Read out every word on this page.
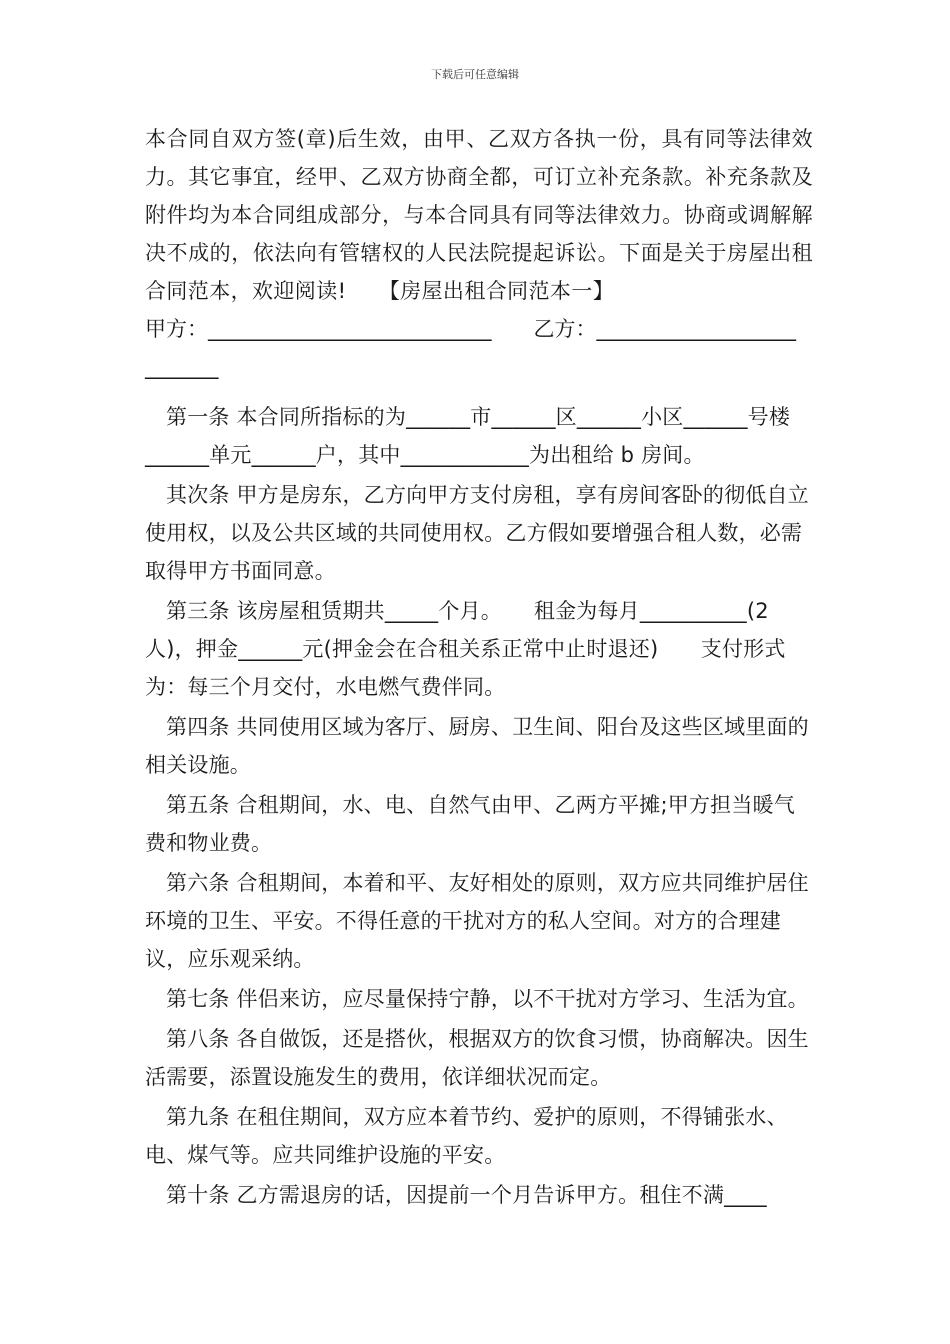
下载后可任意编辑

本合同自双方签(章)后生效，由甲、乙双方各执一份，具有同等法律效力。其它事宜，经甲、乙双方协商全都，可订立补充条款。补充条款及附件均为本合同组成部分，与本合同具有同等法律效力。协商或调解解决不成的，依法向有管辖权的人民法院提起诉讼。下面是关于房屋出租合同范本，欢迎阅读!　　【房屋出租合同范本一】

甲方：___________________________　　乙方：___________________

_______

第一条 本合同所指标的为______市______区______小区______号楼______单元______户，其中____________为出租给 b 房间。

其次条 甲方是房东，乙方向甲方支付房租，享有房间客卧的彻低自立使用权，以及公共区域的共同使用权。乙方假如要增强合租人数，必需取得甲方书面同意。

第三条 该房屋租赁期共_____个月。　　租金为每月__________(2人)，押金______元(押金会在合租关系正常中止时退还)　　支付形式为：每三个月交付，水电燃气费伴同。

第四条 共同使用区域为客厅、厨房、卫生间、阳台及这些区域里面的相关设施。

第五条 合租期间，水、电、自然气由甲、乙两方平摊;甲方担当暖气费和物业费。

第六条 合租期间，本着和平、友好相处的原则，双方应共同维护居住环境的卫生、平安。不得任意的干扰对方的私人空间。对方的合理建议，应乐观采纳。

第七条 伴侣来访，应尽量保持宁静，以不干扰对方学习、生活为宜。

第八条 各自做饭，还是搭伙，根据双方的饮食习惯，协商解决。因生活需要，添置设施发生的费用，依详细状况而定。

第九条 在租住期间，双方应本着节约、爱护的原则，不得铺张水、电、煤气等。应共同维护设施的平安。

第十条 乙方需退房的话，因提前一个月告诉甲方。租住不满____
